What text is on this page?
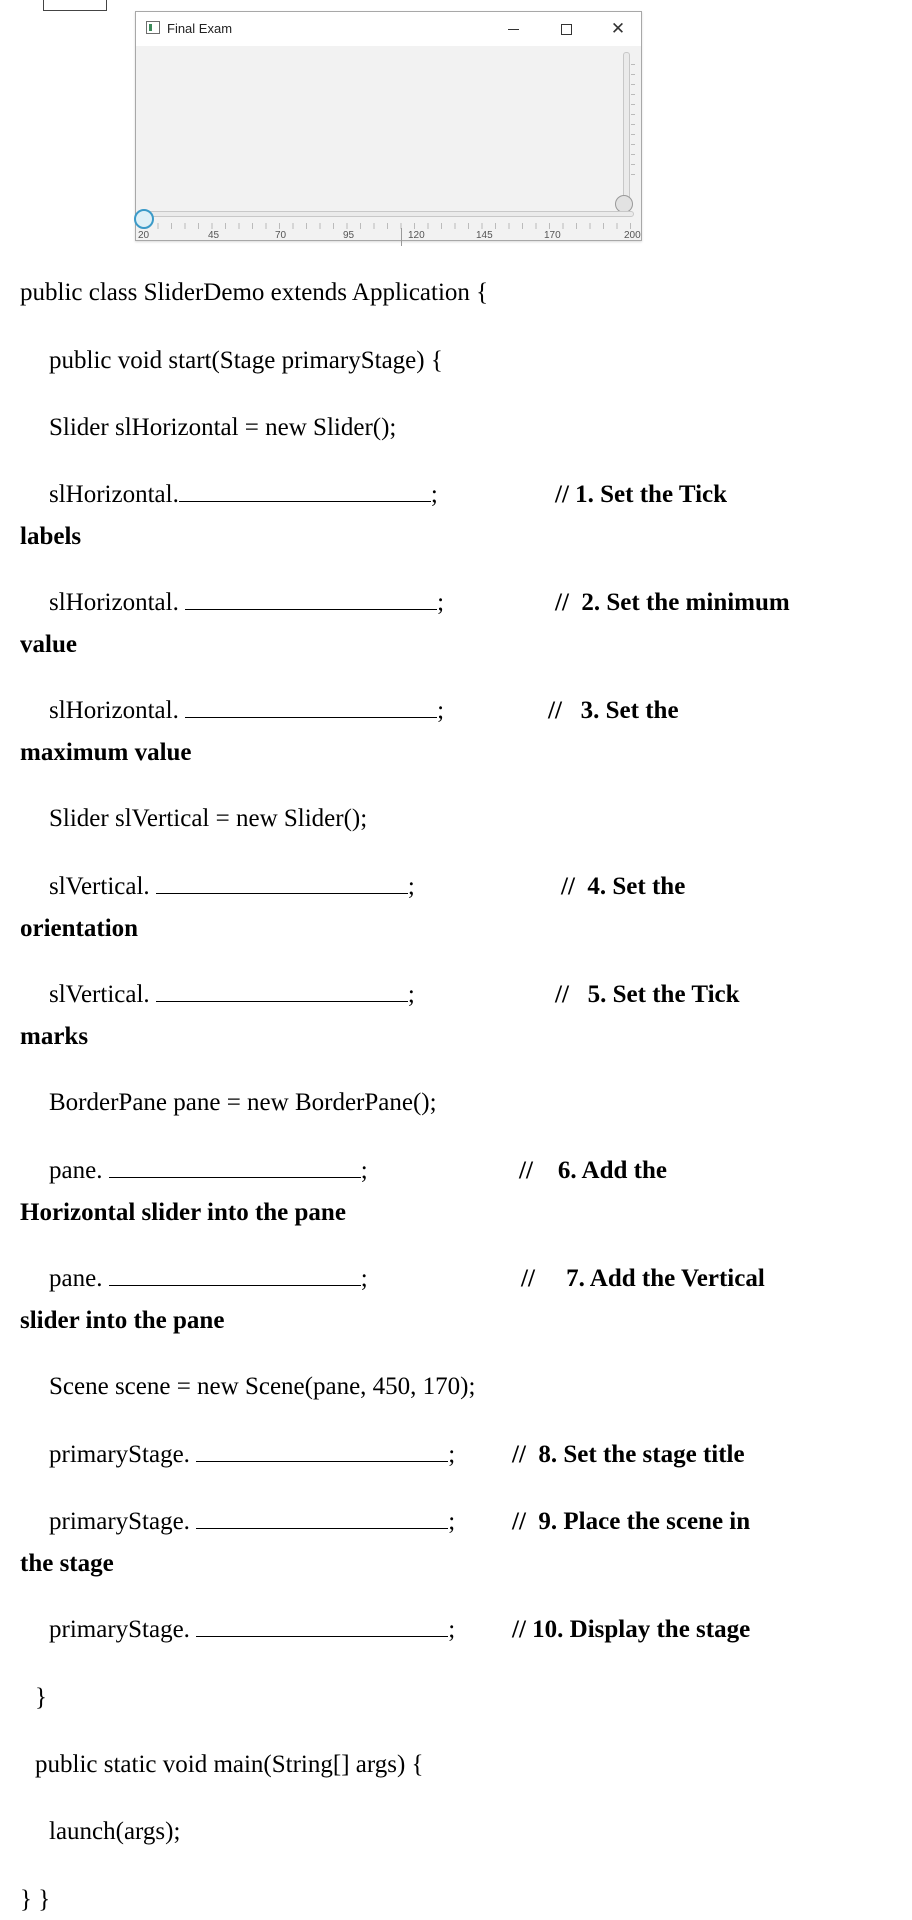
Final Exam	✕
20	45	70	95	120	145	170	200
public class SliderDemo extends Application {
public void start(Stage primaryStage) {
Slider slHorizontal = new Slider();
slHorizontal.	;	// 1. Set the Tick
labels
slHorizontal.	;	//  2. Set the minimum
value
slHorizontal.	;	//   3. Set the
maximum value
Slider slVertical = new Slider();
slVertical.	;	//  4. Set the
orientation
slVertical.	;	//   5. Set the Tick
marks
BorderPane pane = new BorderPane();
pane.	;	//    6. Add the
Horizontal slider into the pane
pane.	;	//     7. Add the Vertical
slider into the pane
Scene scene = new Scene(pane, 450, 170);
primaryStage.	; //  8. Set the stage title
primaryStage.	; //  9. Place the scene in
the stage
primaryStage.	; // 10. Display the stage
}
public static void main(String[] args) {
launch(args);
} }
